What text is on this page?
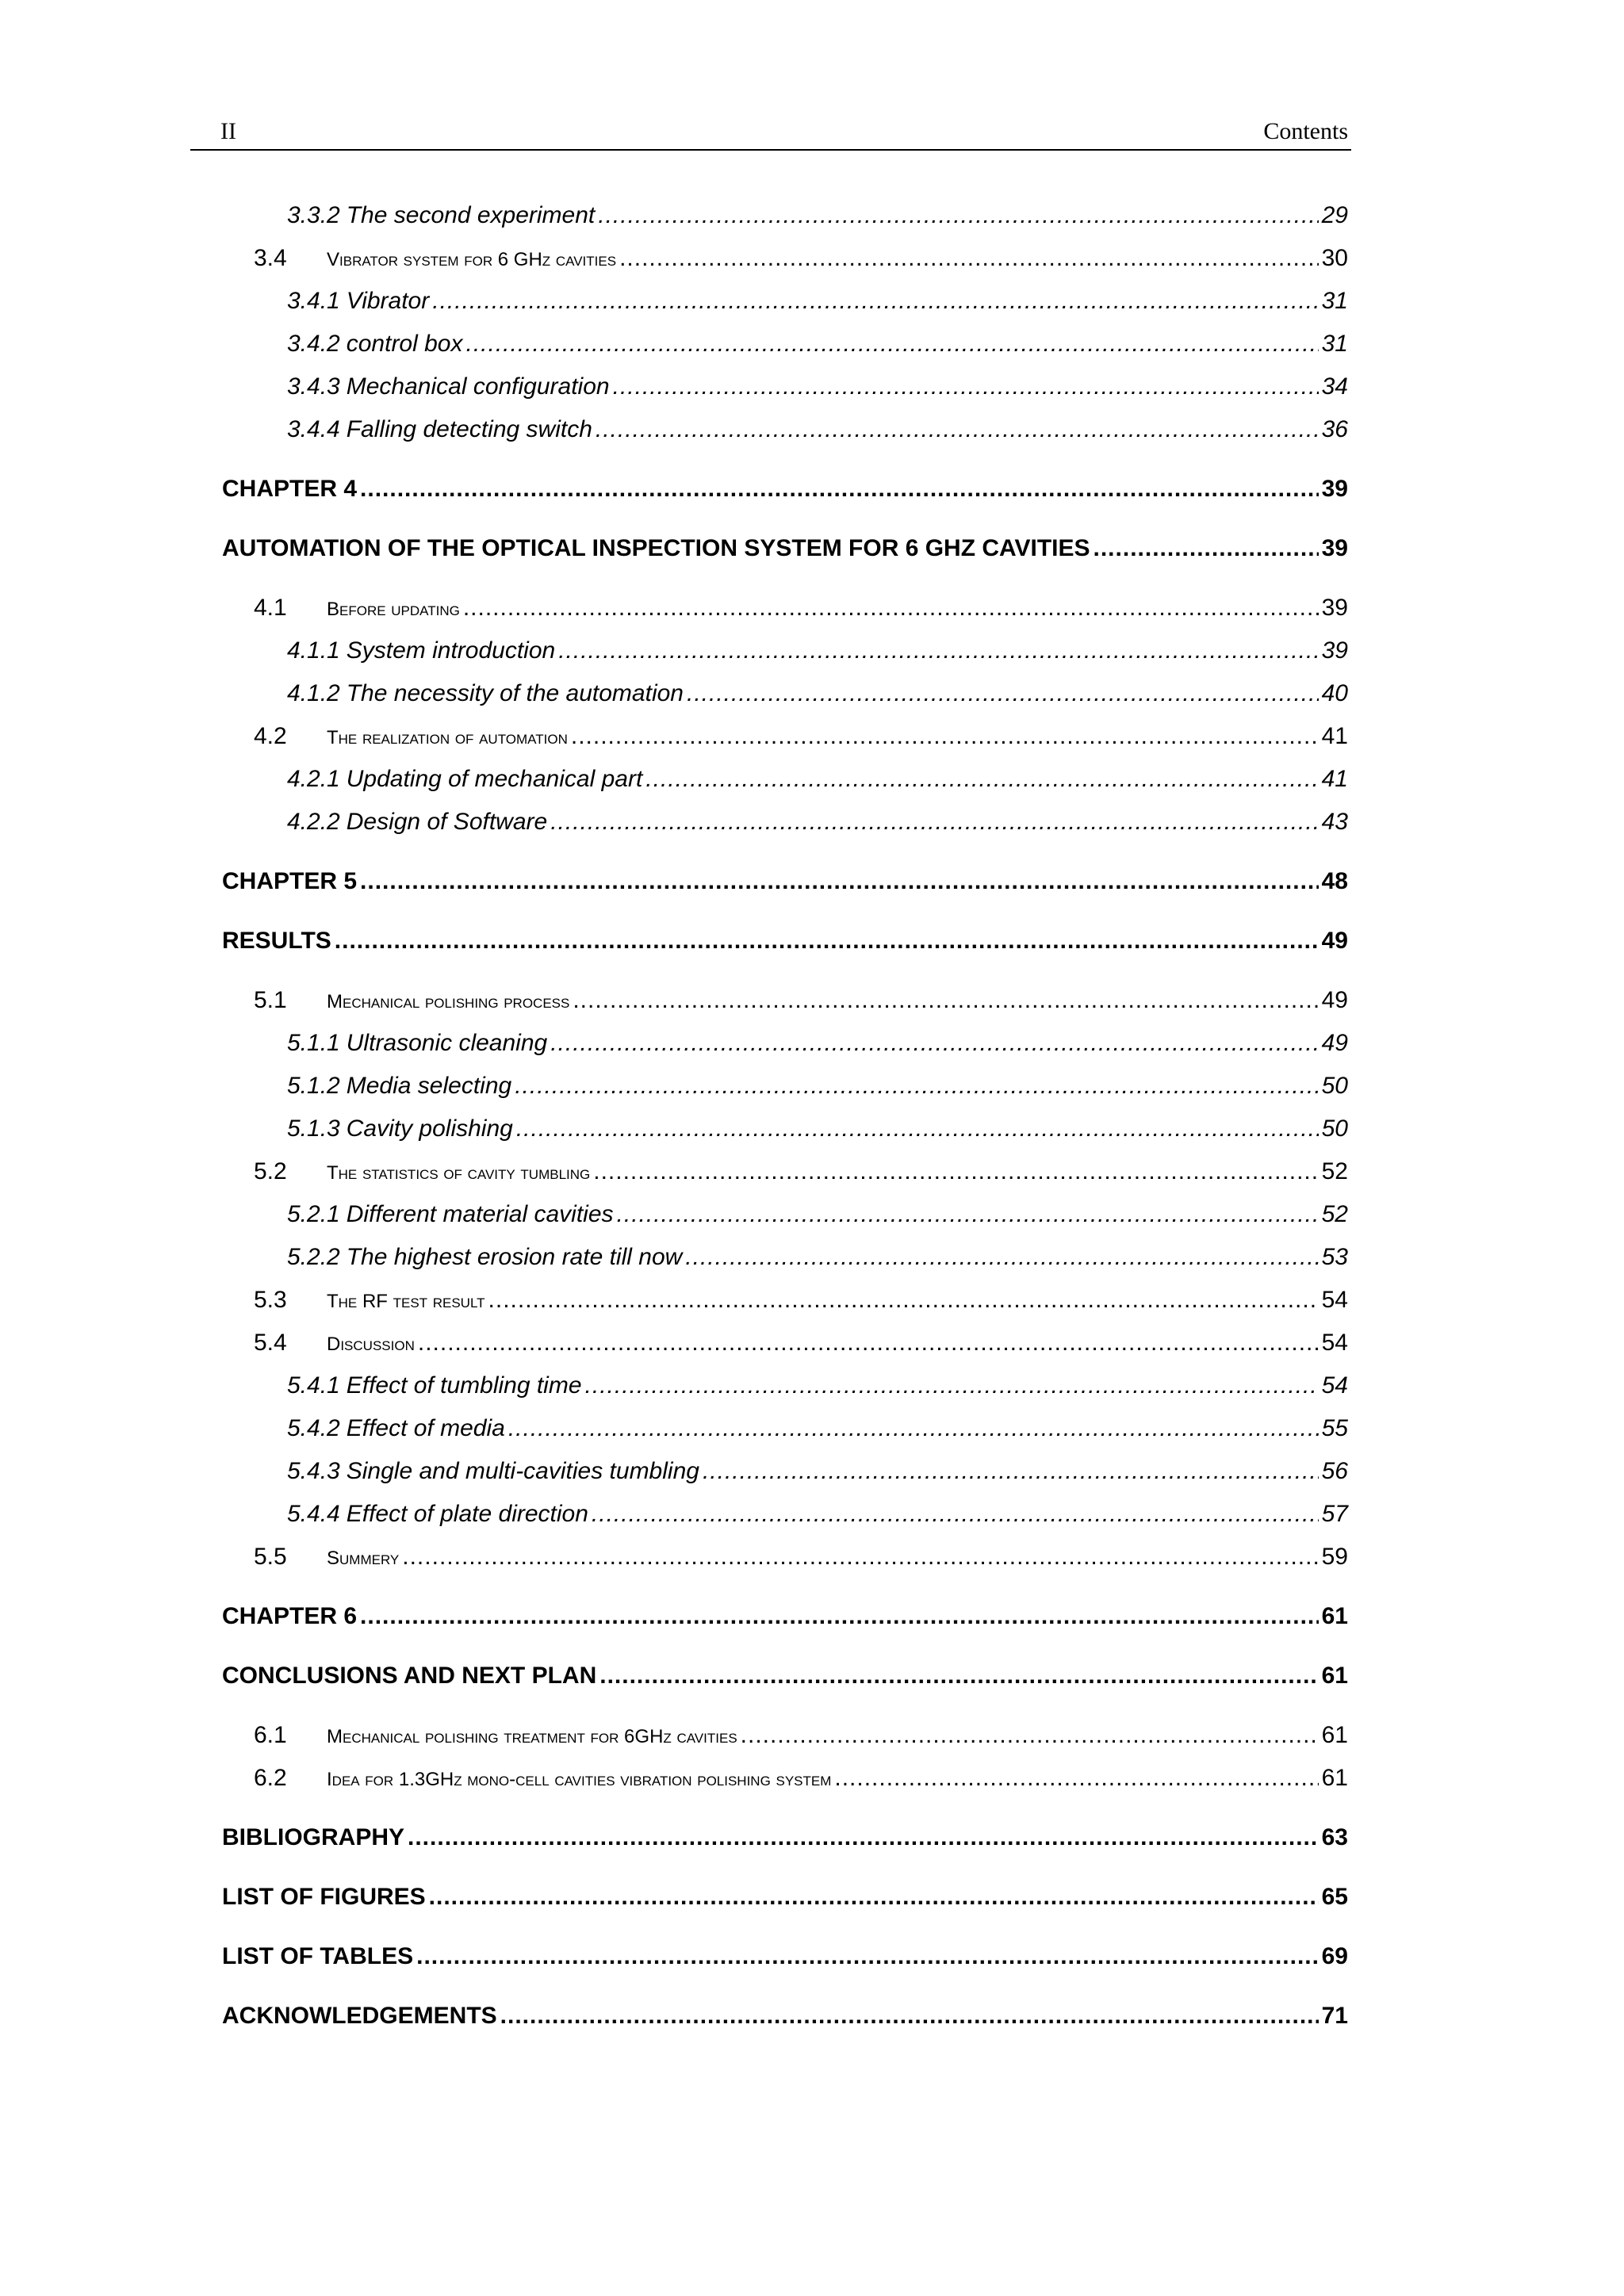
II	Contents
3.3.2 The second experiment .....	29
3.4	Vibrator system for 6 GHz cavities .....	30
3.4.1 Vibrator .....	31
3.4.2 control box .....	31
3.4.3 Mechanical configuration .....	34
3.4.4 Falling detecting switch .....	36
CHAPTER 4 .....	39
AUTOMATION OF THE OPTICAL INSPECTION SYSTEM FOR 6 GHZ CAVITIES .....	39
4.1	Before updating .....	39
4.1.1 System introduction .....	39
4.1.2 The necessity of the automation .....	40
4.2	The realization of automation .....	41
4.2.1 Updating of mechanical part .....	41
4.2.2 Design of Software .....	43
CHAPTER 5 .....	48
RESULTS .....	49
5.1	Mechanical polishing process .....	49
5.1.1 Ultrasonic cleaning .....	49
5.1.2 Media selecting .....	50
5.1.3 Cavity polishing .....	50
5.2	The statistics of cavity tumbling .....	52
5.2.1 Different material cavities .....	52
5.2.2 The highest erosion rate till now .....	53
5.3	The RF test result .....	54
5.4	Discussion .....	54
5.4.1 Effect of tumbling time .....	54
5.4.2 Effect of media .....	55
5.4.3 Single and multi-cavities tumbling .....	56
5.4.4 Effect of plate direction .....	57
5.5	Summery .....	59
CHAPTER 6 .....	61
CONCLUSIONS AND NEXT PLAN .....	61
6.1	Mechanical polishing treatment for 6GHz cavities .....	61
6.2	Idea for 1.3GHz mono-cell cavities vibration polishing system .....	61
BIBLIOGRAPHY .....	63
LIST OF FIGURES .....	65
LIST OF TABLES .....	69
ACKNOWLEDGEMENTS .....	71
